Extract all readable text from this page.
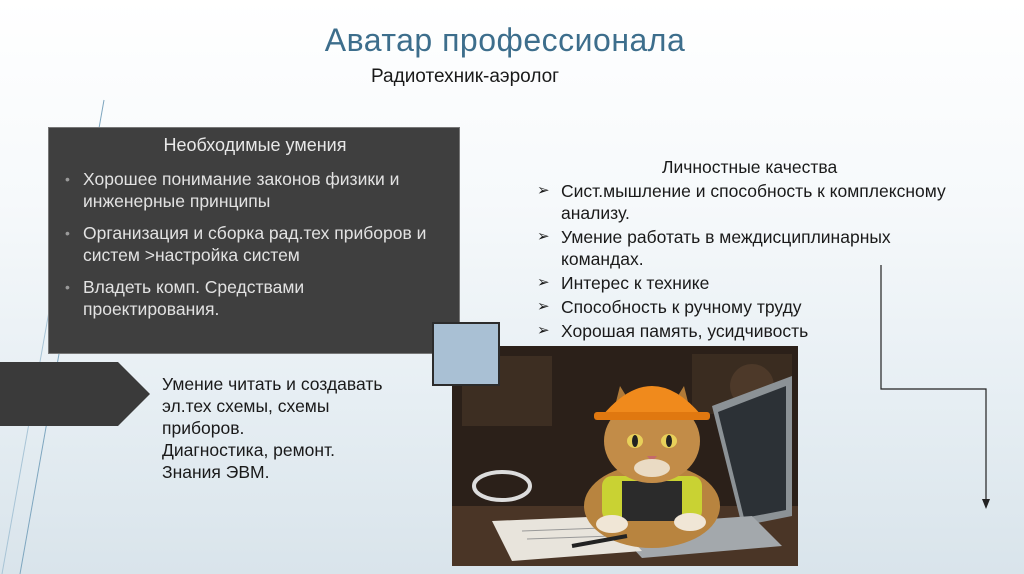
Аватар профессионала
Радиотехник-аэролог
Необходимые умения
• Хорошее понимание законов физики и инженерные принципы
• Организация и сборка рад.тех приборов и систем >настройка систем
• Владеть комп. Средствами проектирования.
Умение читать и создавать
эл.тех схемы, схемы
приборов.
Диагностика, ремонт.
Знания ЭВМ.
Личностные качества
➢ Сист.мышление и способность к комплексному анализу.
➢ Умение работать в междисциплинарных командах.
➢ Интерес к технике
➢ Способность к ручному труду
➢ Хорошая память, усидчивость
